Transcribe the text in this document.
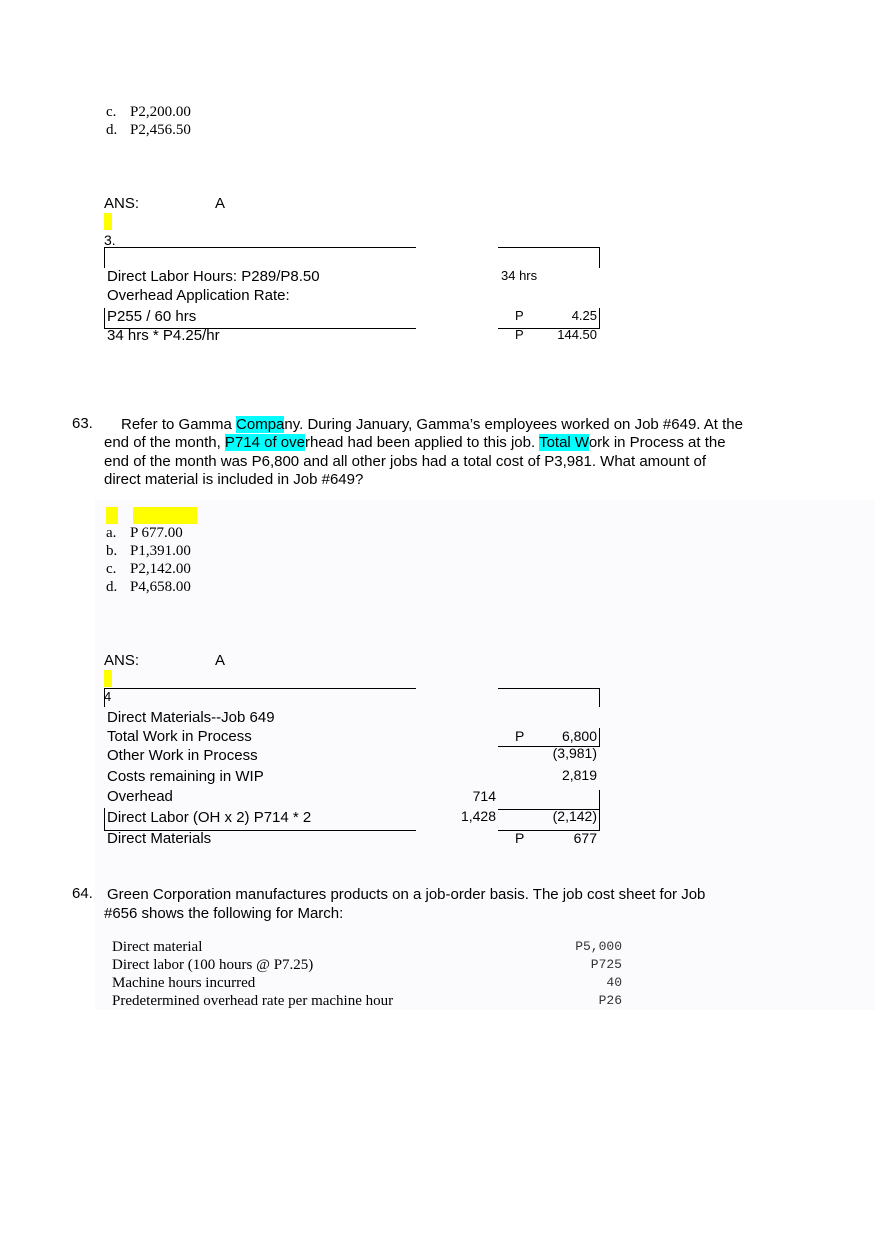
c. P2,200.00
d. P2,456.50
ANS:	A
3.
Direct Labor Hours: P289/P8.50	34 hrs
Overhead Application Rate:
P255 / 60 hrs	P	4.25
34 hrs * P4.25/hr	P	144.50
63. Refer to Gamma Company. During January, Gamma’s employees worked on Job #649. At the
end of the month, P714 of overhead had been applied to this job. Total Work in Process at the
end of the month was P6,800 and all other jobs had a total cost of P3,981. What amount of
direct material is included in Job #649?
a. P 677.00
b. P1,391.00
c. P2,142.00
d. P4,658.00
ANS:	A
4
Direct Materials--Job 649
Total Work in Process	P	6,800
Other Work in Process	(3,981)
Costs remaining in WIP	2,819
Overhead	714
Direct Labor (OH x 2) P714 * 2	1,428	(2,142)
Direct Materials	P	677
64. Green Corporation manufactures products on a job-order basis. The job cost sheet for Job
#656 shows the following for March:
Direct material	P5,000
Direct labor (100 hours @ P7.25)	P725
Machine hours incurred	40
Predetermined overhead rate per machine hour	P26
